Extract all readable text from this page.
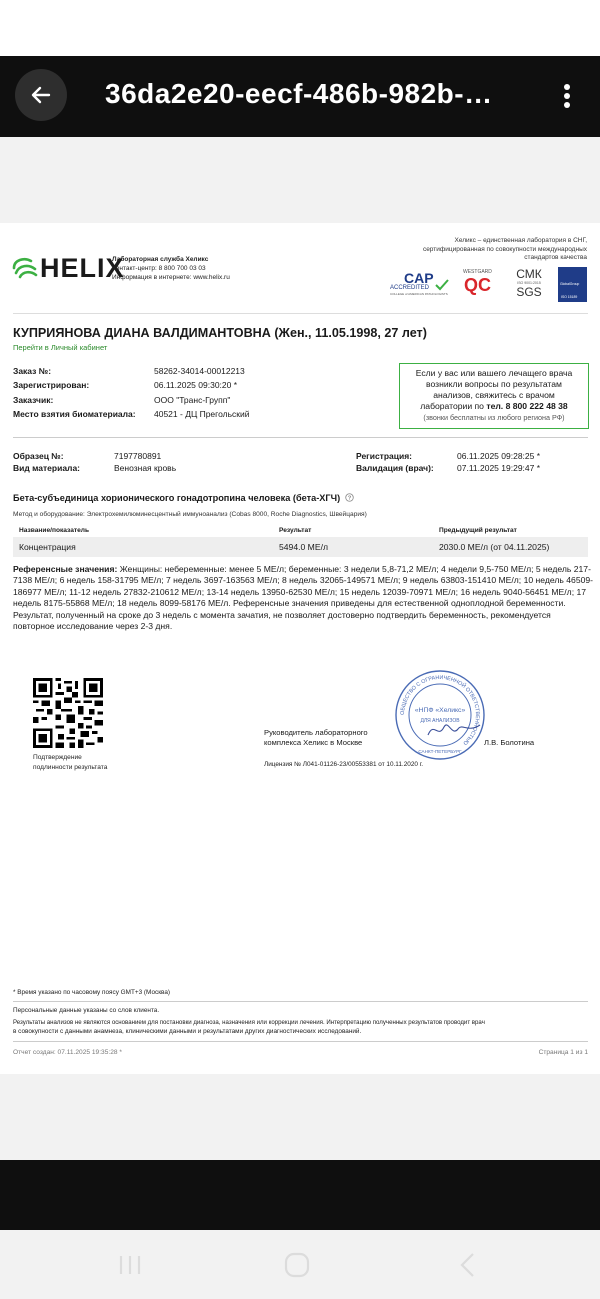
36da2e20-eecf-486b-982b-…
HELIX
Лабораторная служба Хеликс
Контакт-центр: 8 800 700 03 03
Информация в интернете: www.helix.ru
Хеликс – единственная лаборатория в СНГ,
сертифицированная по совокупности международных
стандартов качества
CAP
ACCREDITED
COLLEGE of AMERICAN PATHOLOGISTS
WESTGARD
QC
СМК
ISO 9001:2015
SGS
GlobalGroup
ISO 15189
КУПРИЯНОВА ДИАНА ВАЛДИМАНТОВНА (Жен., 11.05.1998, 27 лет)
Перейти в Личный кабинет
Заказ №:	58262-34014-00012213
Зарегистрирован:	06.11.2025 09:30:20 *
Заказчик:	ООО "Транс-Групп"
Место взятия биоматериала: 40521 - ДЦ Прегольский
Если у вас или вашего лечащего врача
возникли вопросы по результатам
анализов, свяжитесь с врачом
лаборатории по тел. 8 800 222 48 38
(звонки бесплатны из любого региона РФ)
Образец №:	7197780891
Вид материала:	Венозная кровь
Регистрация:	06.11.2025 09:28:25 *
Валидация (врач):	07.11.2025 19:29:47 *
Бета-субъединица хорионического гонадотропина человека (бета-ХГЧ) ?
Метод и оборудование: Электрохемилюминесцентный иммуноанализ (Cobas 8000, Roche Diagnostics, Швейцария)
Название/показатель	Результат	Предыдущий результат
Концентрация	5494.0 МЕ/л	2030.0 МЕ/л (от 04.11.2025)
Референсные значения: Женщины: небеременные: менее 5 МЕ/л; беременные: 3 недели 5,8-71,2 МЕ/л; 4 недели 9,5-750 МЕ/л; 5 недель 217-7138 МЕ/л; 6 недель 158-31795 МЕ/л; 7 недель 3697-163563 МЕ/л; 8 недель 32065-149571 МЕ/л; 9 недель 63803-151410 МЕ/л; 10 недель 46509-186977 МЕ/л; 11-12 недель 27832-210612 МЕ/л; 13-14 недель 13950-62530 МЕ/л; 15 недель 12039-70971 МЕ/л; 16 недель 9040-56451 МЕ/л; 17 недель 8175-55868 МЕ/л; 18 недель 8099-58176 МЕ/л. Референсные значения приведены для естественной одноплодной беременности. Результат, полученный на сроке до 3 недель с момента зачатия, не позволяет достоверно подтвердить беременность, рекомендуется повторное исследование через 2-3 дня.
Подтверждение
подлинности результата
ОБЩЕСТВО С ОГРАНИЧЕННОЙ ОТВЕТСТВЕННОСТЬЮ
«НПФ «Хеликс»
ДЛЯ АНАЛИЗОВ
САНКТ-ПЕТЕРБУРГ
Руководитель лабораторного
комплекса Хеликс в Москве	Л.В. Болотина
Лицензия № Л041-01126-23/00553381 от 10.11.2020 г.
* Время указано по часовому поясу GMT+3 (Москва)
Персональные данные указаны со слов клиента.
Результаты анализов не являются основанием для постановки диагноза, назначения или коррекции лечения. Интерпретацию полученных результатов проводит врач
в совокупности с данными анамнеза, клиническими данными и результатами других диагностических исследований.
Отчет создан: 07.11.2025 19:35:28 *	Страница 1 из 1
